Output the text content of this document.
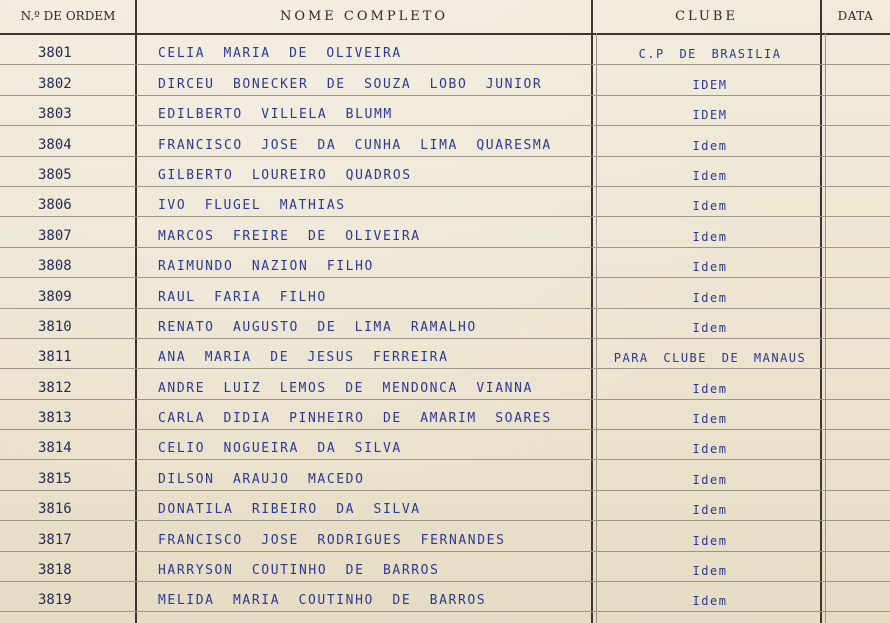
N.º DE ORDEM	NOME COMPLETO	CLUBE	DATA
3801	CELIA MARIA DE OLIVEIRA	C.P DE BRASILIA
3802	DIRCEU BONECKER DE SOUZA LOBO JUNIOR	IDEM
3803	EDILBERTO VILLELA BLUMM	IDEM
3804	FRANCISCO JOSE DA CUNHA LIMA QUARESMA	Idem
3805	GILBERTO LOUREIRO QUADROS	Idem
3806	IVO FLUGEL MATHIAS	Idem
3807	MARCOS FREIRE DE OLIVEIRA	Idem
3808	RAIMUNDO NAZION FILHO	Idem
3809	RAUL FARIA FILHO	Idem
3810	RENATO AUGUSTO DE LIMA RAMALHO	Idem
3811	ANA MARIA DE JESUS FERREIRA	PARA CLUBE DE MANAUS
3812	ANDRE LUIZ LEMOS DE MENDONCA VIANNA	Idem
3813	CARLA DIDIA PINHEIRO DE AMARIM SOARES	Idem
3814	CELIO NOGUEIRA DA SILVA	Idem
3815	DILSON ARAUJO MACEDO	Idem
3816	DONATILA RIBEIRO DA SILVA	Idem
3817	FRANCISCO JOSE RODRIGUES FERNANDES	Idem
3818	HARRYSON COUTINHO DE BARROS	Idem
3819	MELIDA MARIA COUTINHO DE BARROS	Idem
